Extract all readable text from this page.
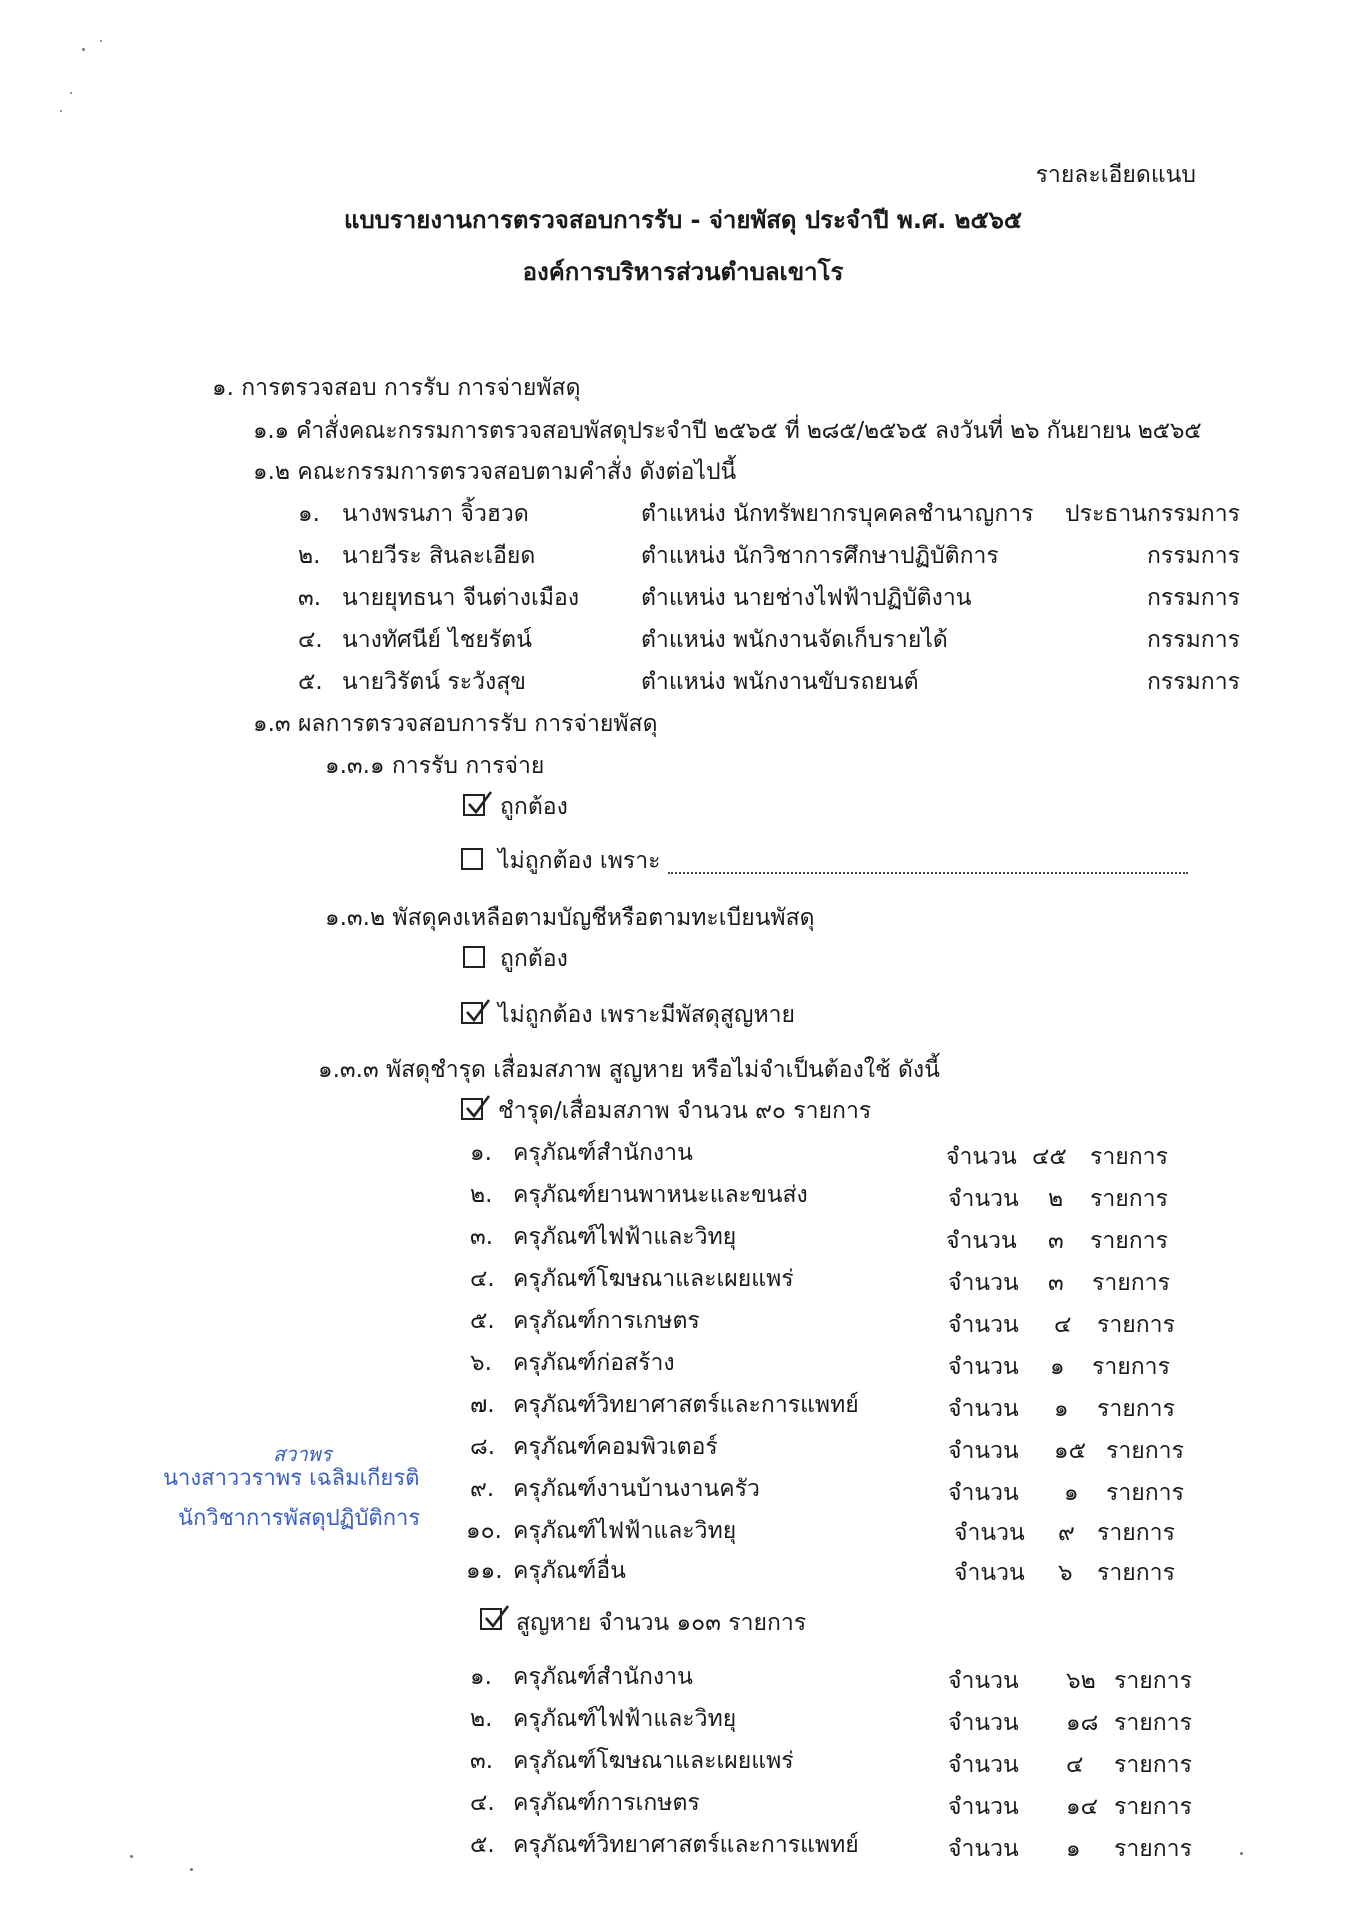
รายละเอียดแนบ
แบบรายงานการตรวจสอบการรับ - จ่ายพัสดุ ประจำปี พ.ศ. ๒๕๖๕
องค์การบริหารส่วนตำบลเขาโร
๑. การตรวจสอบ การรับ การจ่ายพัสดุ
๑.๑ คำสั่งคณะกรรมการตรวจสอบพัสดุประจำปี ๒๕๖๕ ที่ ๒๘๕/๒๕๖๕ ลงวันที่ ๒๖ กันยายน ๒๕๖๕
๑.๒ คณะกรรมการตรวจสอบตามคำสั่ง ดังต่อไปนี้
๑. นางพรนภา จิ้วฮวด	ตำแหน่ง นักทรัพยากรบุคคลชำนาญการ ประธานกรรมการ
๒. นายวีระ สินละเอียด	ตำแหน่ง นักวิชาการศึกษาปฏิบัติการ	กรรมการ
๓. นายยุทธนา จีนต่างเมือง	ตำแหน่ง นายช่างไฟฟ้าปฏิบัติงาน	กรรมการ
๔. นางทัศนีย์ ไชยรัตน์	ตำแหน่ง พนักงานจัดเก็บรายได้	กรรมการ
๕. นายวิรัตน์ ระวังสุข	ตำแหน่ง พนักงานขับรถยนต์	กรรมการ
๑.๓ ผลการตรวจสอบการรับ การจ่ายพัสดุ
๑.๓.๑ การรับ การจ่าย
ถูกต้อง
ไม่ถูกต้อง เพราะ
๑.๓.๒ พัสดุคงเหลือตามบัญชีหรือตามทะเบียนพัสดุ
ถูกต้อง
ไม่ถูกต้อง เพราะมีพัสดุสูญหาย
๑.๓.๓ พัสดุชำรุด เสื่อมสภาพ สูญหาย หรือไม่จำเป็นต้องใช้ ดังนี้
ชำรุด/เสื่อมสภาพ จำนวน ๙๐ รายการ
๑. ครุภัณฑ์สำนักงาน	จำนวน ๔๕ รายการ
๒. ครุภัณฑ์ยานพาหนะและขนส่ง	จำนวน ๒ รายการ
๓. ครุภัณฑ์ไฟฟ้าและวิทยุ	จำนวน ๓ รายการ
๔. ครุภัณฑ์โฆษณาและเผยแพร่	จำนวน ๓ รายการ
๕. ครุภัณฑ์การเกษตร	จำนวน ๔ รายการ
๖. ครุภัณฑ์ก่อสร้าง	จำนวน ๑ รายการ
๗. ครุภัณฑ์วิทยาศาสตร์และการแพทย์	จำนวน ๑ รายการ
๘. ครุภัณฑ์คอมพิวเตอร์	จำนวน ๑๕ รายการ
๙. ครุภัณฑ์งานบ้านงานครัว	จำนวน ๑ รายการ
๑๐. ครุภัณฑ์ไฟฟ้าและวิทยุ	จำนวน ๙ รายการ
๑๑. ครุภัณฑ์อื่น	จำนวน ๖ รายการ
สูญหาย จำนวน ๑๐๓ รายการ
๑. ครุภัณฑ์สำนักงาน	จำนวน ๖๒ รายการ
๒. ครุภัณฑ์ไฟฟ้าและวิทยุ	จำนวน ๑๘ รายการ
๓. ครุภัณฑ์โฆษณาและเผยแพร่	จำนวน ๔ รายการ
๔. ครุภัณฑ์การเกษตร	จำนวน ๑๔ รายการ
๕. ครุภัณฑ์วิทยาศาสตร์และการแพทย์	จำนวน ๑ รายการ
สวาพร
นางสาววราพร เฉลิมเกียรติ
นักวิชาการพัสดุปฏิบัติการ
